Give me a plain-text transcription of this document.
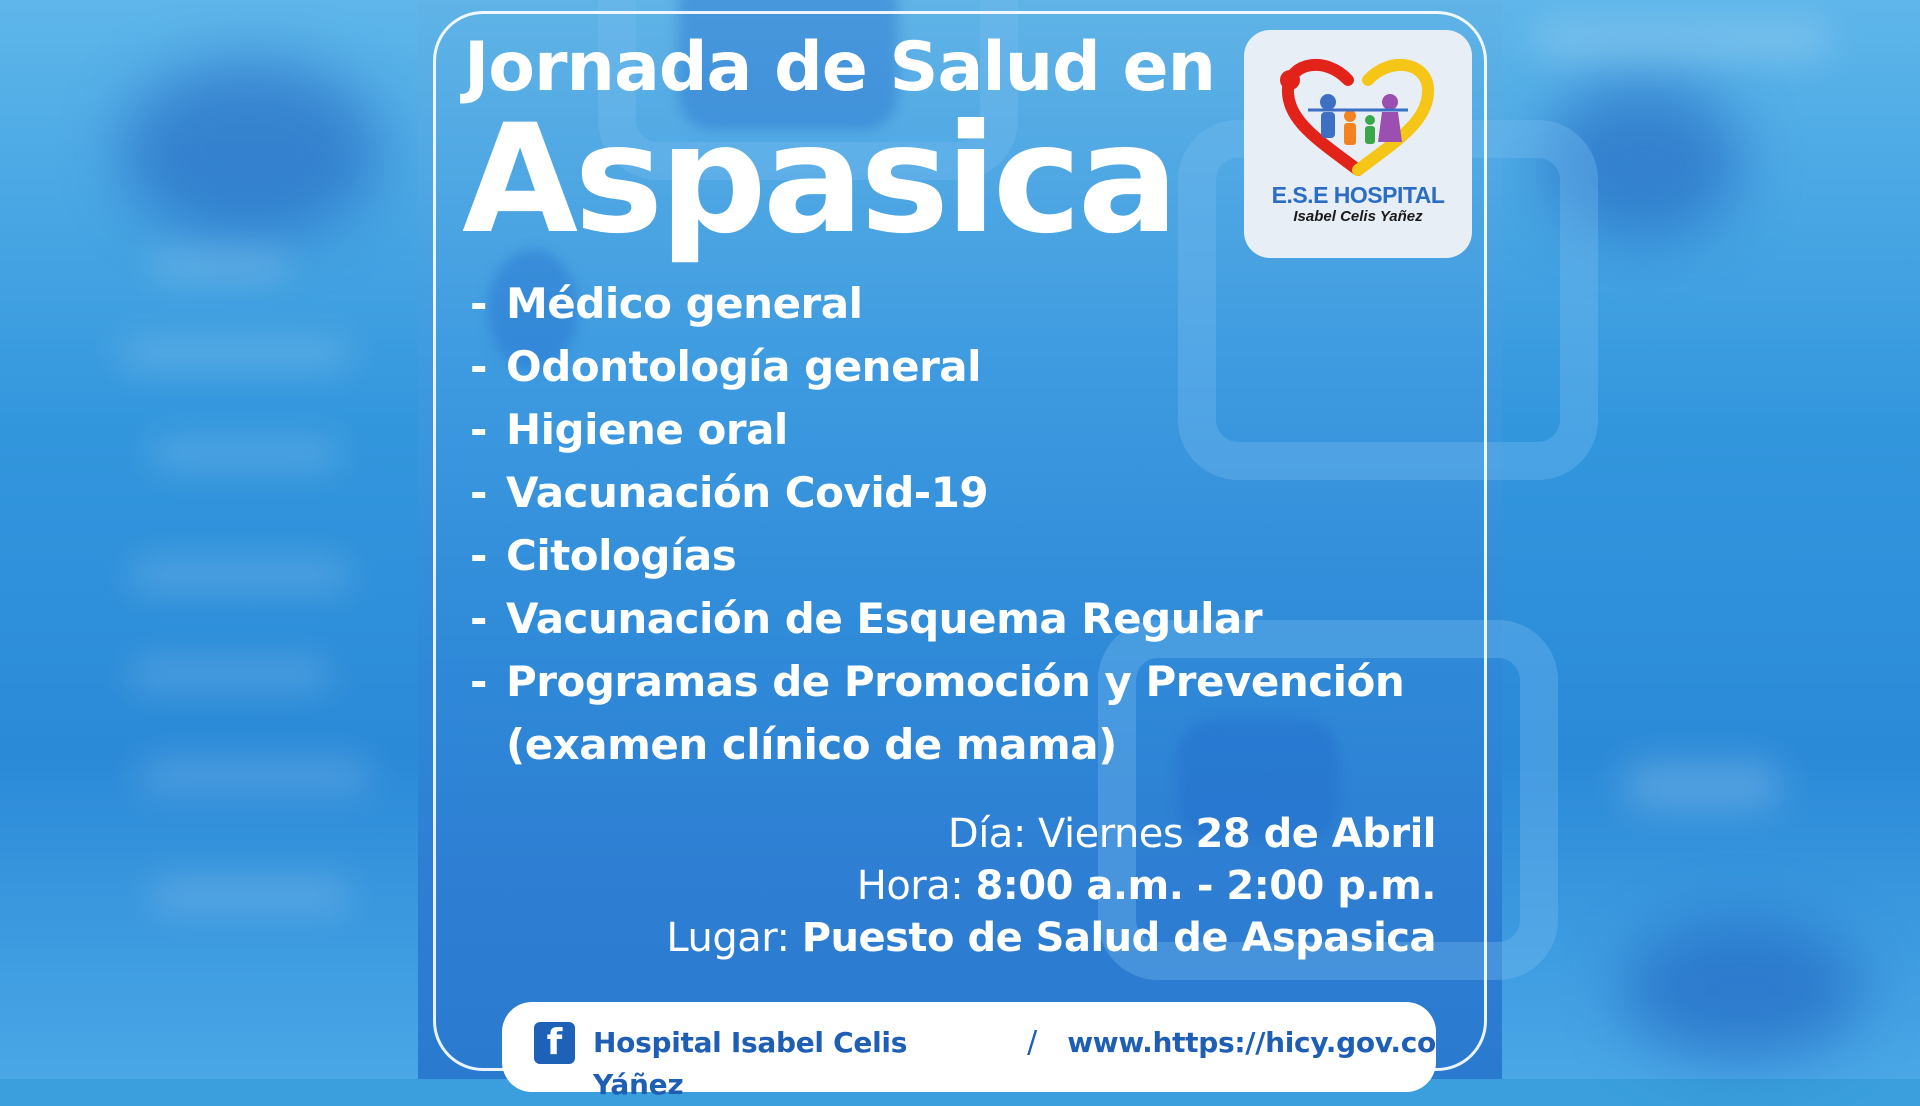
Jornada de Salud en
Aspasica	E.S.E HOSPITAL
Isabel Celis Yañez
- Médico general
- Odontología general
- Higiene oral
- Vacunación Covid-19
- Citologías
- Vacunación de Esquema Regular
- Programas de Promoción y Prevención
(examen clínico de mama)
Día: Viernes 28 de Abril
Hora: 8:00 a.m. - 2:00 p.m.
Lugar: Puesto de Salud de Aspasica
f	Hospital Isabel Celis Yáñez
/ www.https://hicy.gov.co
